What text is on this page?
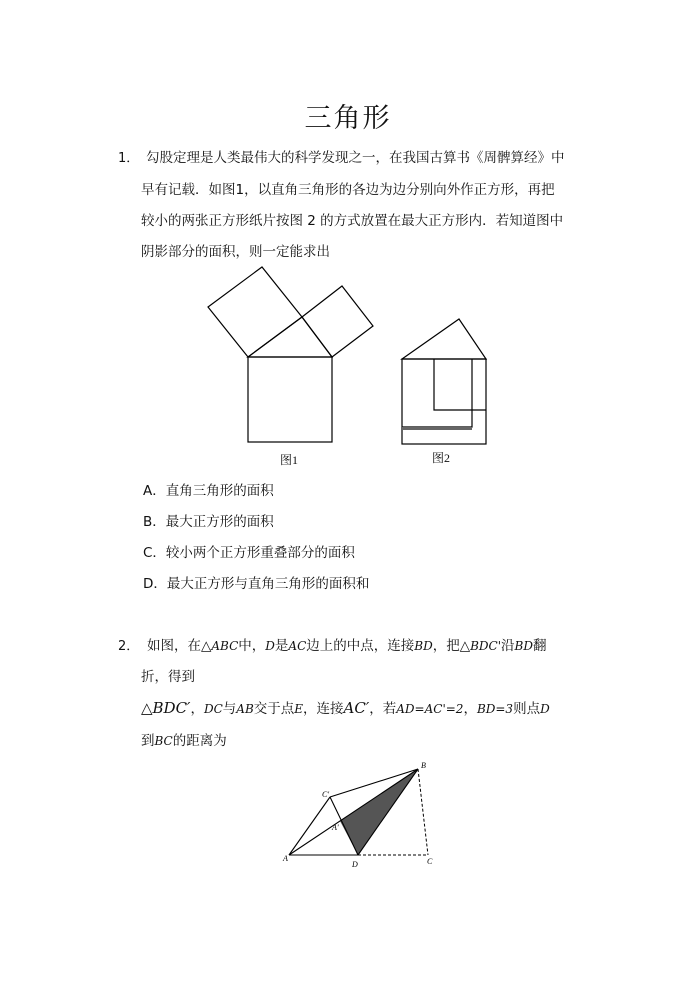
三角形
1． 勾股定理是人类最伟大的科学发现之一，在我国古算书《周髀算经》中
早有记载．如图1，以直角三角形的各边为边分别向外作正方形，再把
较小的两张正方形纸片按图 2 的方式放置在最大正方形内．若知道图中
阴影部分的面积，则一定能求出
图1	图2
A．直角三角形的面积
B．最大正方形的面积
C．较小两个正方形重叠部分的面积
D．最大正方形与直角三角形的面积和
2． 如图，在△ABC中，D是AC边上的中点，连接BD，把△BDC'沿BD翻
折，得到
△BDC′，DC与AB交于点E，连接AC′，若AD=AC'=2，BD=3则点D
到BC的距离为
B
C'
A'
A
D	C
